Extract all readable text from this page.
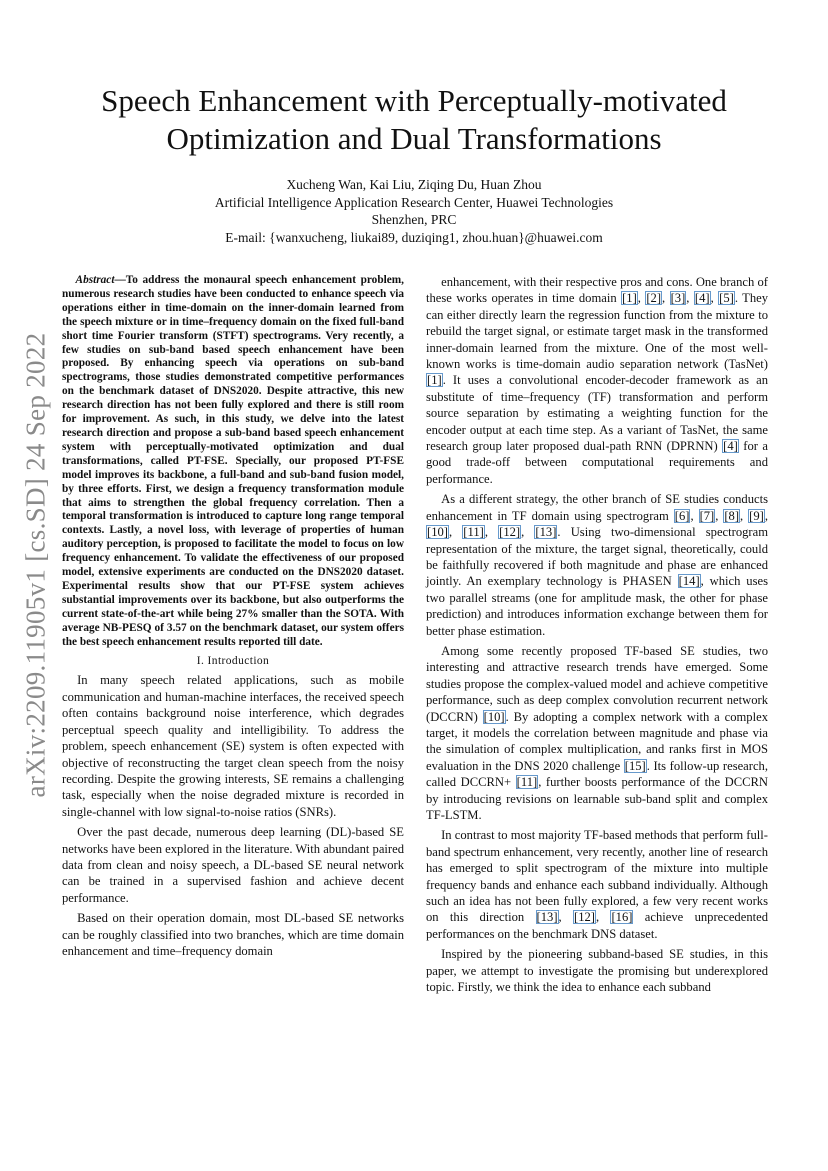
arXiv:2209.11905v1 [cs.SD] 24 Sep 2022
Speech Enhancement with Perceptually-motivated Optimization and Dual Transformations
Xucheng Wan, Kai Liu, Ziqing Du, Huan Zhou
Artificial Intelligence Application Research Center, Huawei Technologies
Shenzhen, PRC
E-mail: {wanxucheng, liukai89, duziqing1, zhou.huan}@huawei.com

Abstract—To address the monaural speech enhancement problem, numerous research studies have been conducted to enhance speech via operations either in time-domain on the inner-domain learned from the speech mixture or in time–frequency domain on the fixed full-band short time Fourier transform (STFT) spectrograms. Very recently, a few studies on sub-band based speech enhancement have been proposed. By enhancing speech via operations on sub-band spectrograms, those studies demonstrated competitive performances on the benchmark dataset of DNS2020. Despite attractive, this new research direction has not been fully explored and there is still room for improvement. As such, in this study, we delve into the latest research direction and propose a sub-band based speech enhancement system with perceptually-motivated optimization and dual transformations, called PT-FSE. Specially, our proposed PT-FSE model improves its backbone, a full-band and sub-band fusion model, by three efforts. First, we design a frequency transformation module that aims to strengthen the global frequency correlation. Then a temporal transformation is introduced to capture long range temporal contexts. Lastly, a novel loss, with leverage of properties of human auditory perception, is proposed to facilitate the model to focus on low frequency enhancement. To validate the effectiveness of our proposed model, extensive experiments are conducted on the DNS2020 dataset. Experimental results show that our PT-FSE system achieves substantial improvements over its backbone, but also outperforms the current state-of-the-art while being 27% smaller than the SOTA. With average NB-PESQ of 3.57 on the benchmark dataset, our system offers the best speech enhancement results reported till date.

I. Introduction

In many speech related applications, such as mobile communication and human-machine interfaces, the received speech often contains background noise interference, which degrades perceptual speech quality and intelligibility. To address the problem, speech enhancement (SE) system is often expected with objective of reconstructing the target clean speech from the noisy recording. Despite the growing interests, SE remains a challenging task, especially when the noise degraded mixture is recorded in single-channel with low signal-to-noise ratios (SNRs).

Over the past decade, numerous deep learning (DL)-based SE networks have been explored in the literature. With abundant paired data from clean and noisy speech, a DL-based SE neural network can be trained in a supervised fashion and achieve decent performance.

Based on their operation domain, most DL-based SE networks can be roughly classified into two branches, which are time domain enhancement and time–frequency domain

enhancement, with their respective pros and cons. One branch of these works operates in time domain [1], [2], [3], [4], [5]. They can either directly learn the regression function from the mixture to rebuild the target signal, or estimate target mask in the transformed inner-domain learned from the mixture. One of the most well-known works is time-domain audio separation network (TasNet) [1]. It uses a convolutional encoder-decoder framework as an substitute of time–frequency (TF) transformation and perform source separation by estimating a weighting function for the encoder output at each time step. As a variant of TasNet, the same research group later proposed dual-path RNN (DPRNN) [4] for a good trade-off between computational requirements and performance.

As a different strategy, the other branch of SE studies conducts enhancement in TF domain using spectrogram [6], [7], [8], [9], [10], [11], [12], [13]. Using two-dimensional spectrogram representation of the mixture, the target signal, theoretically, could be faithfully recovered if both magnitude and phase are enhanced jointly. An exemplary technology is PHASEN [14], which uses two parallel streams (one for amplitude mask, the other for phase prediction) and introduces information exchange between them for better phase estimation.

Among some recently proposed TF-based SE studies, two interesting and attractive research trends have emerged. Some studies propose the complex-valued model and achieve competitive performance, such as deep complex convolution recurrent network (DCCRN) [10]. By adopting a complex network with a complex target, it models the correlation between magnitude and phase via the simulation of complex multiplication, and ranks first in MOS evaluation in the DNS 2020 challenge [15]. Its follow-up research, called DCCRN+ [11], further boosts performance of the DCCRN by introducing revisions on learnable sub-band split and complex TF-LSTM.

In contrast to most majority TF-based methods that perform full-band spectrum enhancement, very recently, another line of research has emerged to split spectrogram of the mixture into multiple frequency bands and enhance each subband individually. Although such an idea has not been fully explored, a few very recent works on this direction [13], [12], [16] achieve unprecedented performances on the benchmark DNS dataset.

Inspired by the pioneering subband-based SE studies, in this paper, we attempt to investigate the promising but underexplored topic. Firstly, we think the idea to enhance each subband
